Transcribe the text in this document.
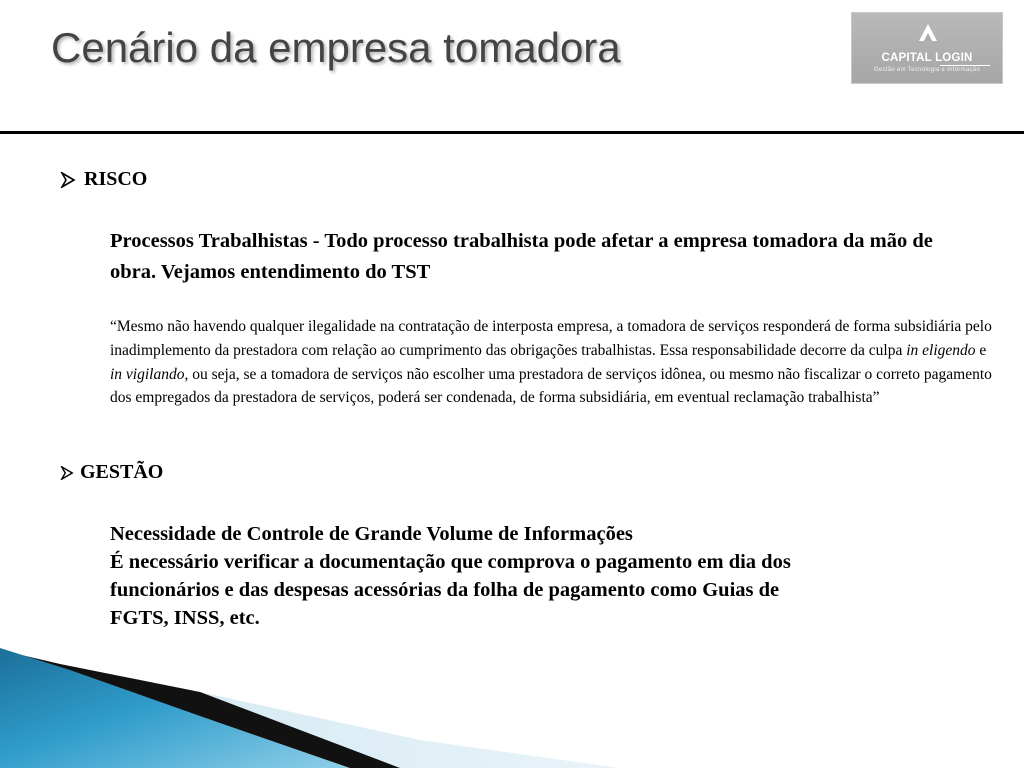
Cenário da empresa tomadora	CAPITAL LOGIN
Gestão em Tecnologia e Informação
RISCO
Processos Trabalhistas - Todo processo trabalhista pode afetar a empresa tomadora da mão de obra. Vejamos entendimento do TST
“Mesmo não havendo qualquer ilegalidade na contratação de interposta empresa, a tomadora de serviços responderá de forma subsidiária pelo inadimplemento da prestadora com relação ao cumprimento das obrigações trabalhistas. Essa responsabilidade decorre da culpa in eligendo e in vigilando, ou seja, se a tomadora de serviços não escolher uma prestadora de serviços idônea, ou mesmo não fiscalizar o correto pagamento dos empregados da prestadora de serviços, poderá ser condenada, de forma subsidiária, em eventual reclamação trabalhista”
GESTÃO
Necessidade de Controle de Grande Volume de Informações
É necessário verificar a documentação que comprova o pagamento em dia dos
funcionários e das despesas acessórias da folha de pagamento como Guias de
FGTS, INSS, etc.
